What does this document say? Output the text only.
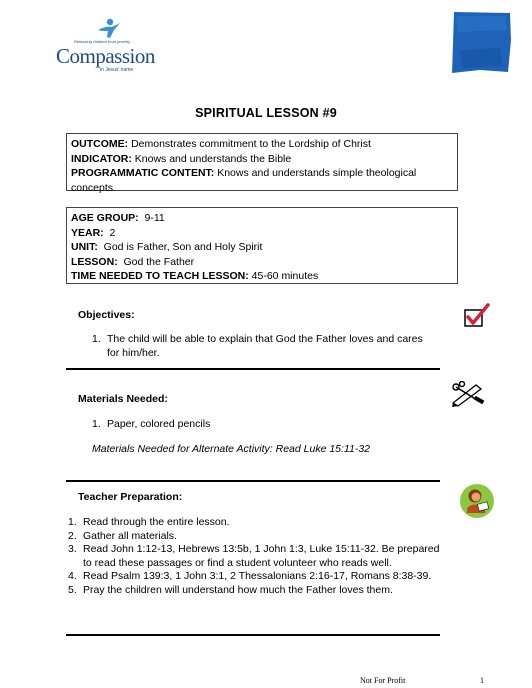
Releasing children from poverty
Compassion
in Jesus' name
SPIRITUAL LESSON #9
OUTCOME: Demonstrates commitment to the Lordship of Christ
INDICATOR: Knows and understands the Bible
PROGRAMMATIC CONTENT: Knows and understands simple theological concepts.
AGE GROUP:  9-11
YEAR:  2
UNIT:  God is Father, Son and Holy Spirit
LESSON:  God the Father
TIME NEEDED TO TEACH LESSON: 45-60 minutes
Objectives:
1. The child will be able to explain that God the Father loves and cares for him/her.
Materials Needed:
1. Paper, colored pencils
Materials Needed for Alternate Activity: Read Luke 15:11-32
Teacher Preparation:
1. Read through the entire lesson.
2. Gather all materials.
3. Read John 1:12-13, Hebrews 13:5b, 1 John 1:3, Luke 15:11-32. Be prepared to read these passages or find a student volunteer who reads well.
4. Read Psalm 139:3, 1 John 3:1, 2 Thessalonians 2:16-17, Romans 8:38-39.
5. Pray the children will understand how much the Father loves them.
Not For Profit	1
